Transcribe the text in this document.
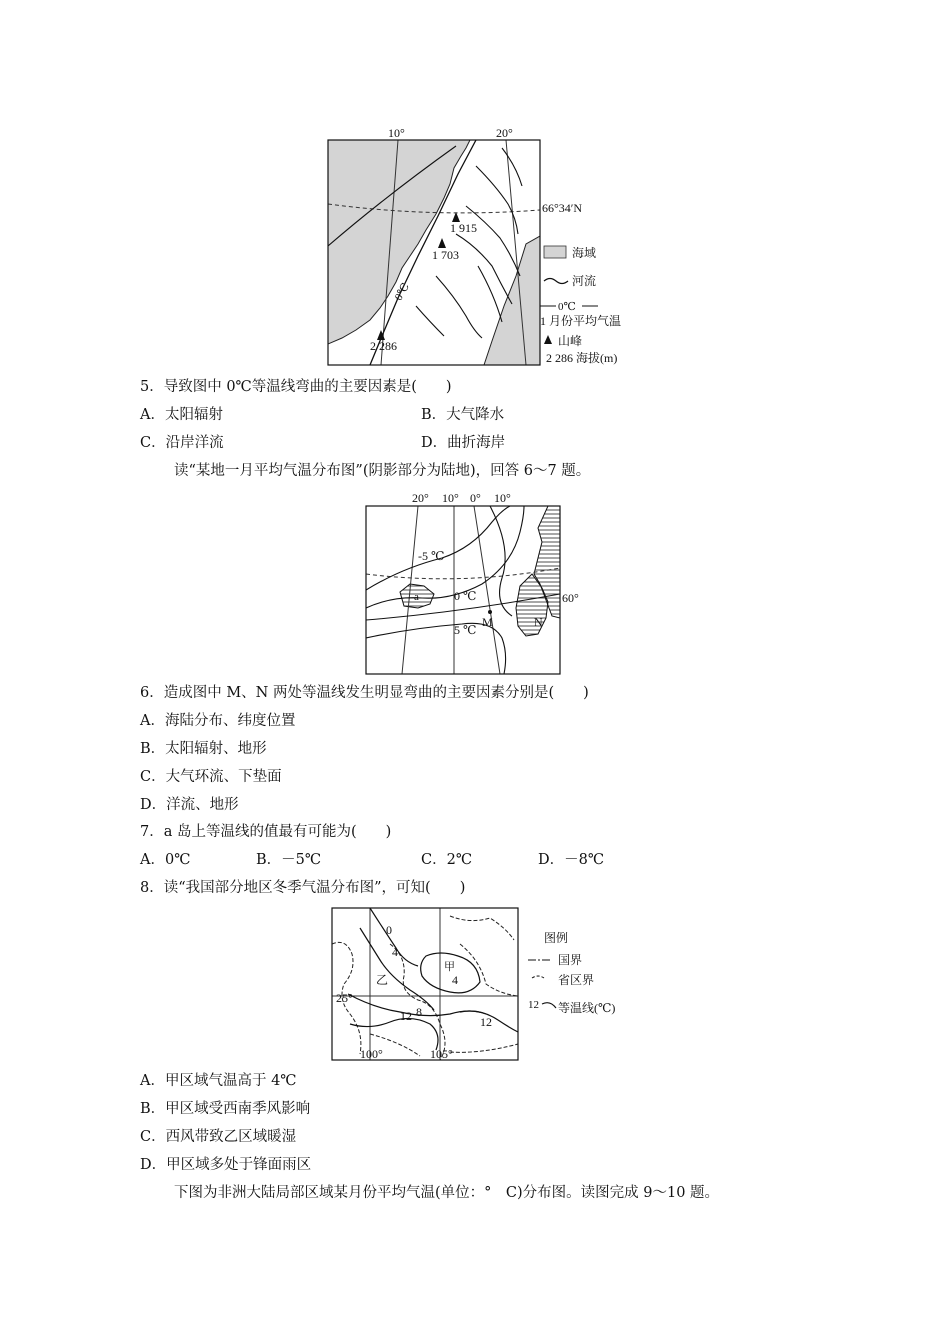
10°	20°
66°34′N
0℃
1 915
1 703
2 286
海域
河流
0℃
1 月份平均气温
山峰
2 286 海拔(m)
5．导致图中 0℃等温线弯曲的主要因素是(　　)
A．太阳辐射	B．大气降水
C．沿岸洋流	D．曲折海岸
读“某地一月平均气温分布图”(阴影部分为陆地)，回答 6～7 题。
20° 10° 0° 10°
60°
-5 ℃
0 ℃
5 ℃
a
M	N
6．造成图中 M、N 两处等温线发生明显弯曲的主要因素分别是(　　)
A．海陆分布、纬度位置
B．太阳辐射、地形
C．大气环流、下垫面
D．洋流、地形
7．a 岛上等温线的值最有可能为(　　)
A．0℃	B．－5℃	C．2℃	D．－8℃
8．读“我国部分地区冬季气温分布图”，可知(　　)
0
4
4
8
12	12
甲
乙
25°
100°	105°
图例
国界
省区界
12 等温线(℃)
A．甲区域气温高于 4℃
B．甲区域受西南季风影响
C．西风带致乙区域暖湿
D．甲区域多处于锋面雨区
下图为非洲大陆局部区域某月份平均气温(单位：°　C)分布图。读图完成 9～10 题。
